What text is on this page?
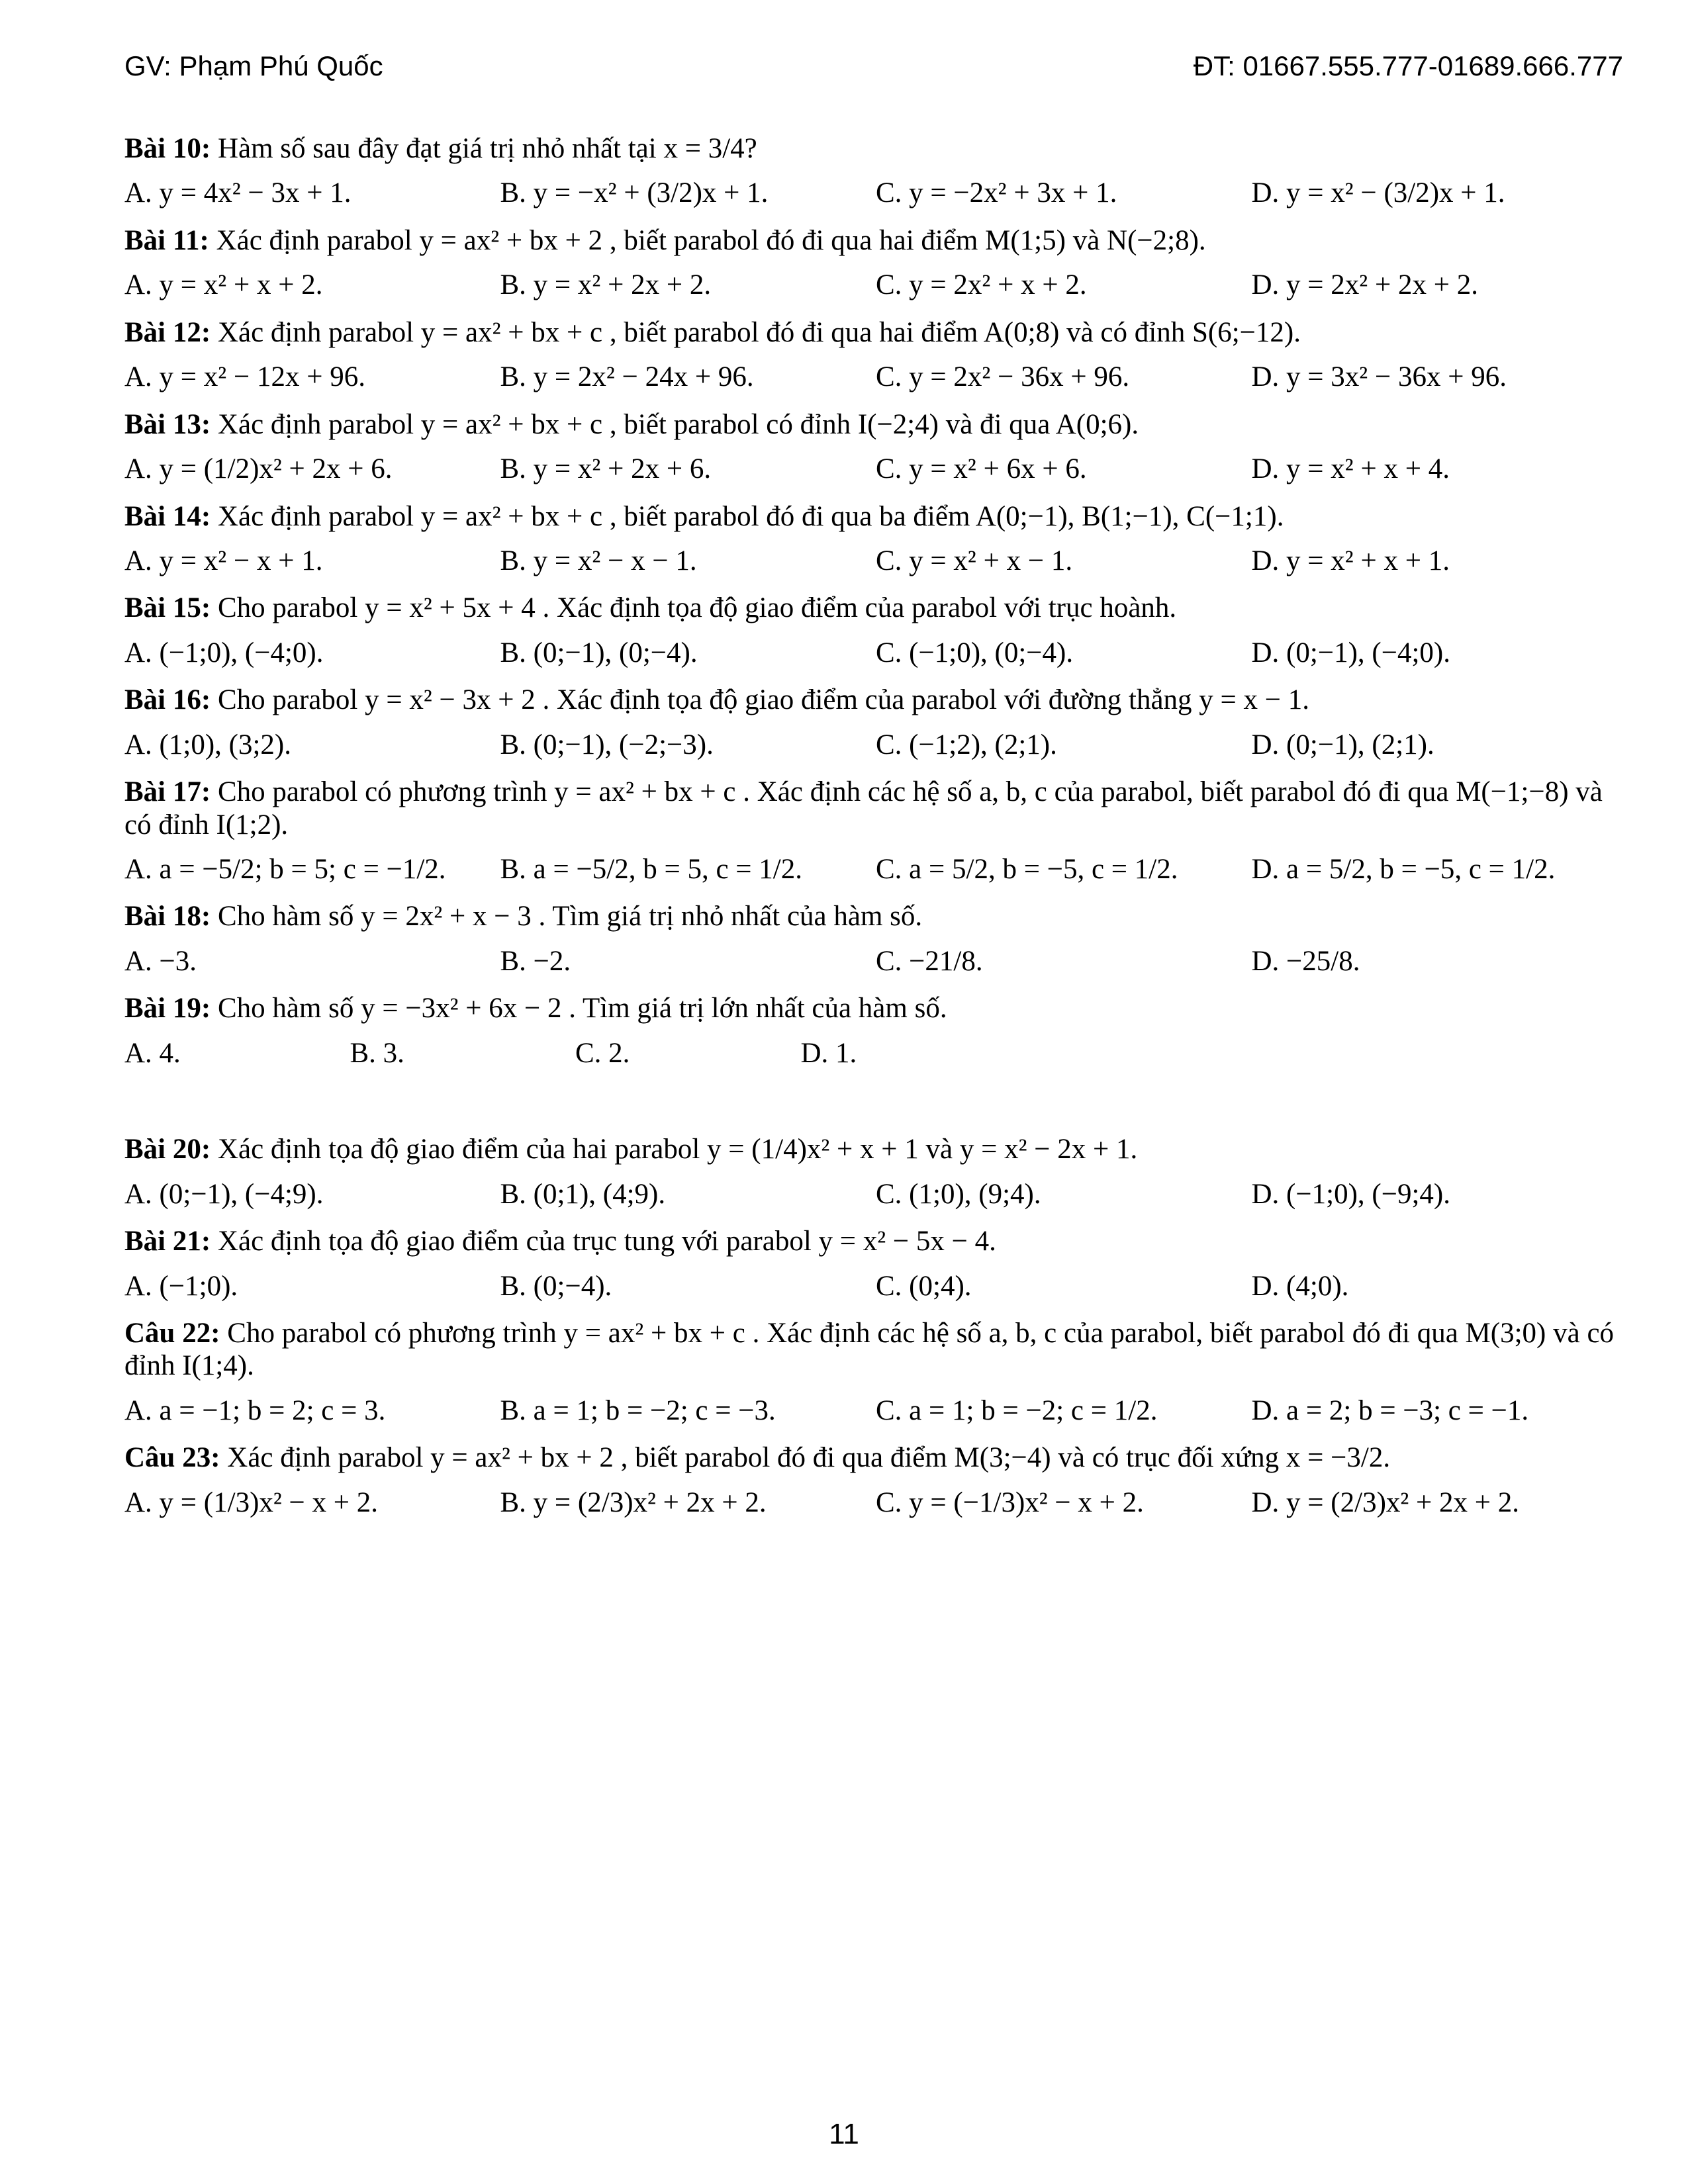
GV: Phạm Phú Quốc	ĐT: 01667.555.777-01689.666.777
Bài 10: Hàm số sau đây đạt giá trị nhỏ nhất tại x = 3/4?
A. y = 4x² − 3x + 1.	B. y = −x² + (3/2)x + 1.	C. y = −2x² + 3x + 1.	D. y = x² − (3/2)x + 1.
Bài 11: Xác định parabol y = ax² + bx + 2 , biết parabol đó đi qua hai điểm M(1;5) và N(−2;8).
A. y = x² + x + 2.	B. y = x² + 2x + 2.	C. y = 2x² + x + 2.	D. y = 2x² + 2x + 2.
Bài 12: Xác định parabol y = ax² + bx + c , biết parabol đó đi qua hai điểm A(0;8) và có đỉnh S(6;−12).
A. y = x² − 12x + 96.	B. y = 2x² − 24x + 96.	C. y = 2x² − 36x + 96.	D. y = 3x² − 36x + 96.
Bài 13: Xác định parabol y = ax² + bx + c , biết parabol có đỉnh I(−2;4) và đi qua A(0;6).
A. y = (1/2)x² + 2x + 6.	B. y = x² + 2x + 6.	C. y = x² + 6x + 6.	D. y = x² + x + 4.
Bài 14: Xác định parabol y = ax² + bx + c , biết parabol đó đi qua ba điểm A(0;−1), B(1;−1), C(−1;1).
A. y = x² − x + 1.	B. y = x² − x − 1.	C. y = x² + x − 1.	D. y = x² + x + 1.
Bài 15: Cho parabol y = x² + 5x + 4 . Xác định tọa độ giao điểm của parabol với trục hoành.
A. (−1;0), (−4;0).	B. (0;−1), (0;−4).	C. (−1;0), (0;−4).	D. (0;−1), (−4;0).
Bài 16: Cho parabol y = x² − 3x + 2 . Xác định tọa độ giao điểm của parabol với đường thẳng y = x − 1.
A. (1;0), (3;2).	B. (0;−1), (−2;−3).	C. (−1;2), (2;1).	D. (0;−1), (2;1).
Bài 17: Cho parabol có phương trình y = ax² + bx + c . Xác định các hệ số a, b, c của parabol, biết parabol đó đi qua M(−1;−8) và có đỉnh I(1;2).
A. a = −5/2; b = 5; c = −1/2.	B. a = −5/2, b = 5, c = 1/2.	C. a = 5/2, b = −5, c = 1/2.	D. a = 5/2, b = −5, c = 1/2.
Bài 18: Cho hàm số y = 2x² + x − 3 . Tìm giá trị nhỏ nhất của hàm số.
A. −3.	B. −2.	C. −21/8.	D. −25/8.
Bài 19: Cho hàm số y = −3x² + 6x − 2 . Tìm giá trị lớn nhất của hàm số.
A. 4.	B. 3.	C. 2.	D. 1.
Bài 20: Xác định tọa độ giao điểm của hai parabol y = (1/4)x² + x + 1 và y = x² − 2x + 1.
A. (0;−1), (−4;9).	B. (0;1), (4;9).	C. (1;0), (9;4).	D. (−1;0), (−9;4).
Bài 21: Xác định tọa độ giao điểm của trục tung với parabol y = x² − 5x − 4.
A. (−1;0).	B. (0;−4).	C. (0;4).	D. (4;0).
Câu 22: Cho parabol có phương trình y = ax² + bx + c . Xác định các hệ số a, b, c của parabol, biết parabol đó đi qua M(3;0) và có đỉnh I(1;4).
A. a = −1; b = 2; c = 3.	B. a = 1; b = −2; c = −3.	C. a = 1; b = −2; c = 1/2.	D. a = 2; b = −3; c = −1.
Câu 23: Xác định parabol y = ax² + bx + 2 , biết parabol đó đi qua điểm M(3;−4) và có trục đối xứng x = −3/2.
A. y = (1/3)x² − x + 2.	B. y = (2/3)x² + 2x + 2.	C. y = (−1/3)x² − x + 2.	D. y = (2/3)x² + 2x + 2.
11
